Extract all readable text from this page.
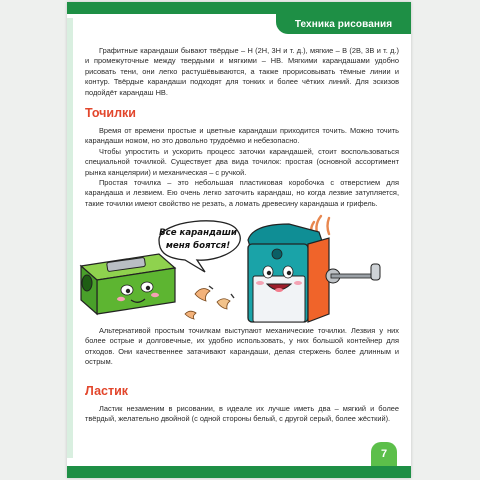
Техника рисования

Графитные карандаши бывают твёрдые – Н (2Н, 3Н и т. д.), мягкие – В (2В, 3В и т. д.) и промежуточные между твердыми и мягкими – НВ. Мягкими карандашами удобно рисовать тени, они легко растушёвываются, а также прорисовывать тёмные линии и контур. Твёрдые карандаши подходят для тонких и более чётких линий. Для эскизов подойдёт карандаш НВ.

Точилки

Время от времени простые и цветные карандаши приходится точить. Можно точить карандаши ножом, но это довольно трудоёмко и небезопасно.

Чтобы упростить и ускорить процесс заточки карандашей, стоит воспользоваться специальной точилкой. Существует два вида точилок: простая (основной ассортимент рынка канцелярии) и механическая – с ручкой.

Простая точилка – это небольшая пластиковая коробочка с отверстием для карандаша и лезвием. Ею очень легко заточить карандаш, но когда лезвие затупляется, такие точилки имеют свойство не резать, а ломать древесину карандаша и грифель.

Все карандаши
меня боятся!

Альтернативой простым точилкам выступают механические точилки. Лезвия у них более острые и долговечные, их удобно использовать, у них большой контейнер для отходов. Они качественнее затачивают карандаши, делая стержень более длинным и острым.

Ластик

Ластик незаменим в рисовании, в идеале их лучше иметь два – мягкий и более твёрдый, желательно двойной (с одной стороны белый, с другой серый, более жёсткий).

7
